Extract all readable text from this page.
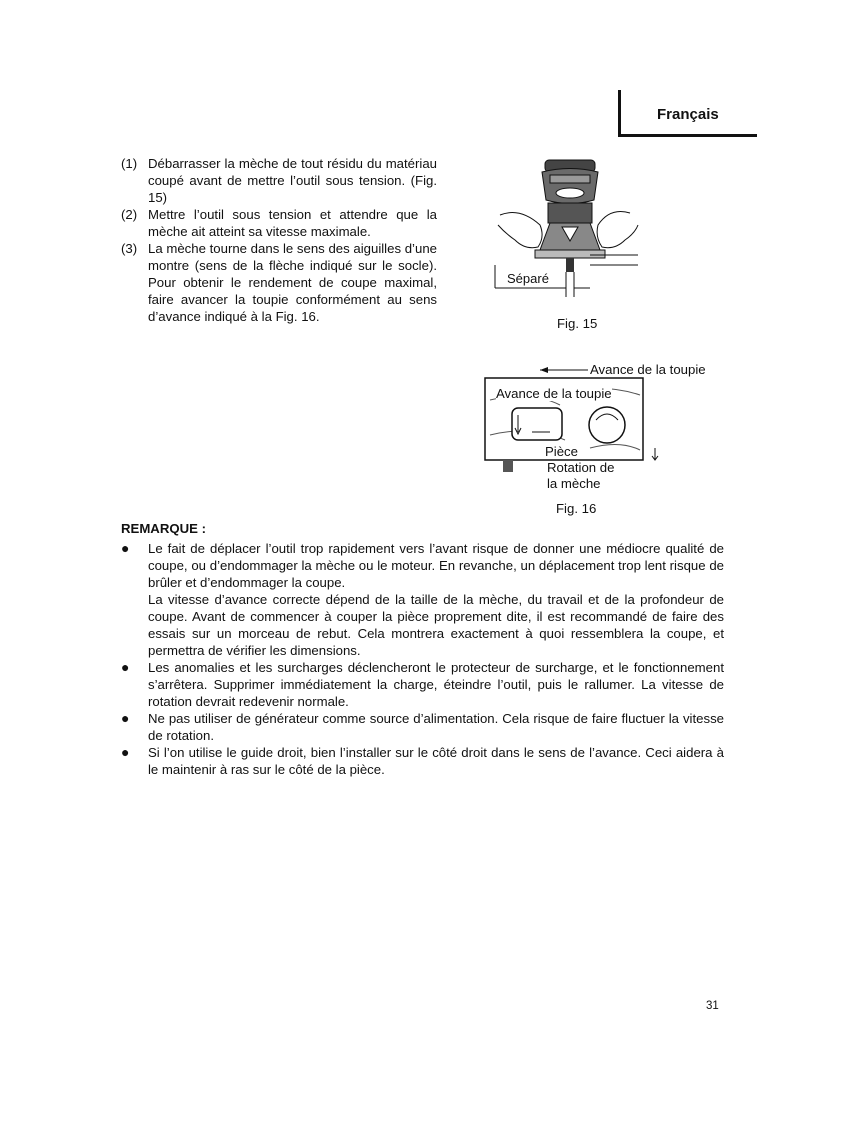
Français
(1) Débarrasser la mèche de tout résidu du matériau coupé avant de mettre l’outil sous tension. (Fig. 15)
(2) Mettre l’outil sous tension et attendre que la mèche ait atteint sa vitesse maximale.
(3) La mèche tourne dans le sens des aiguilles d’une montre (sens de la flèche indiqué sur le socle). Pour obtenir le rendement de coupe maximal, faire avancer la toupie conformément au sens d’avance indiqué à la Fig. 16.
Séparé
Fig. 15
Avance de la toupie
Avance de la toupie
Pièce
Rotation de
la mèche
Fig. 16
REMARQUE :
●	Le fait de déplacer l’outil trop rapidement vers l’avant risque de donner une médiocre qualité de coupe, ou d’endommager la mèche ou le moteur. En revanche, un déplacement trop lent risque de brûler et d’endommager la coupe.
La vitesse d’avance correcte dépend de la taille de la mèche, du travail et de la profondeur de coupe. Avant de commencer à couper la pièce proprement dite, il est recommandé de faire des essais sur un morceau de rebut. Cela montrera exactement à quoi ressemblera la coupe, et permettra de vérifier les dimensions.
●	Les anomalies et les surcharges déclencheront le protecteur de surcharge, et le fonctionnement s’arrêtera. Supprimer immédiatement la charge, éteindre l’outil, puis le rallumer. La vitesse de rotation devrait redevenir normale.
●	Ne pas utiliser de générateur comme source d’alimentation. Cela risque de faire fluctuer la vitesse de rotation.
●	Si l’on utilise le guide droit, bien l’installer sur le côté droit dans le sens de l’avance. Ceci aidera à le maintenir à ras sur le côté de la pièce.
31
